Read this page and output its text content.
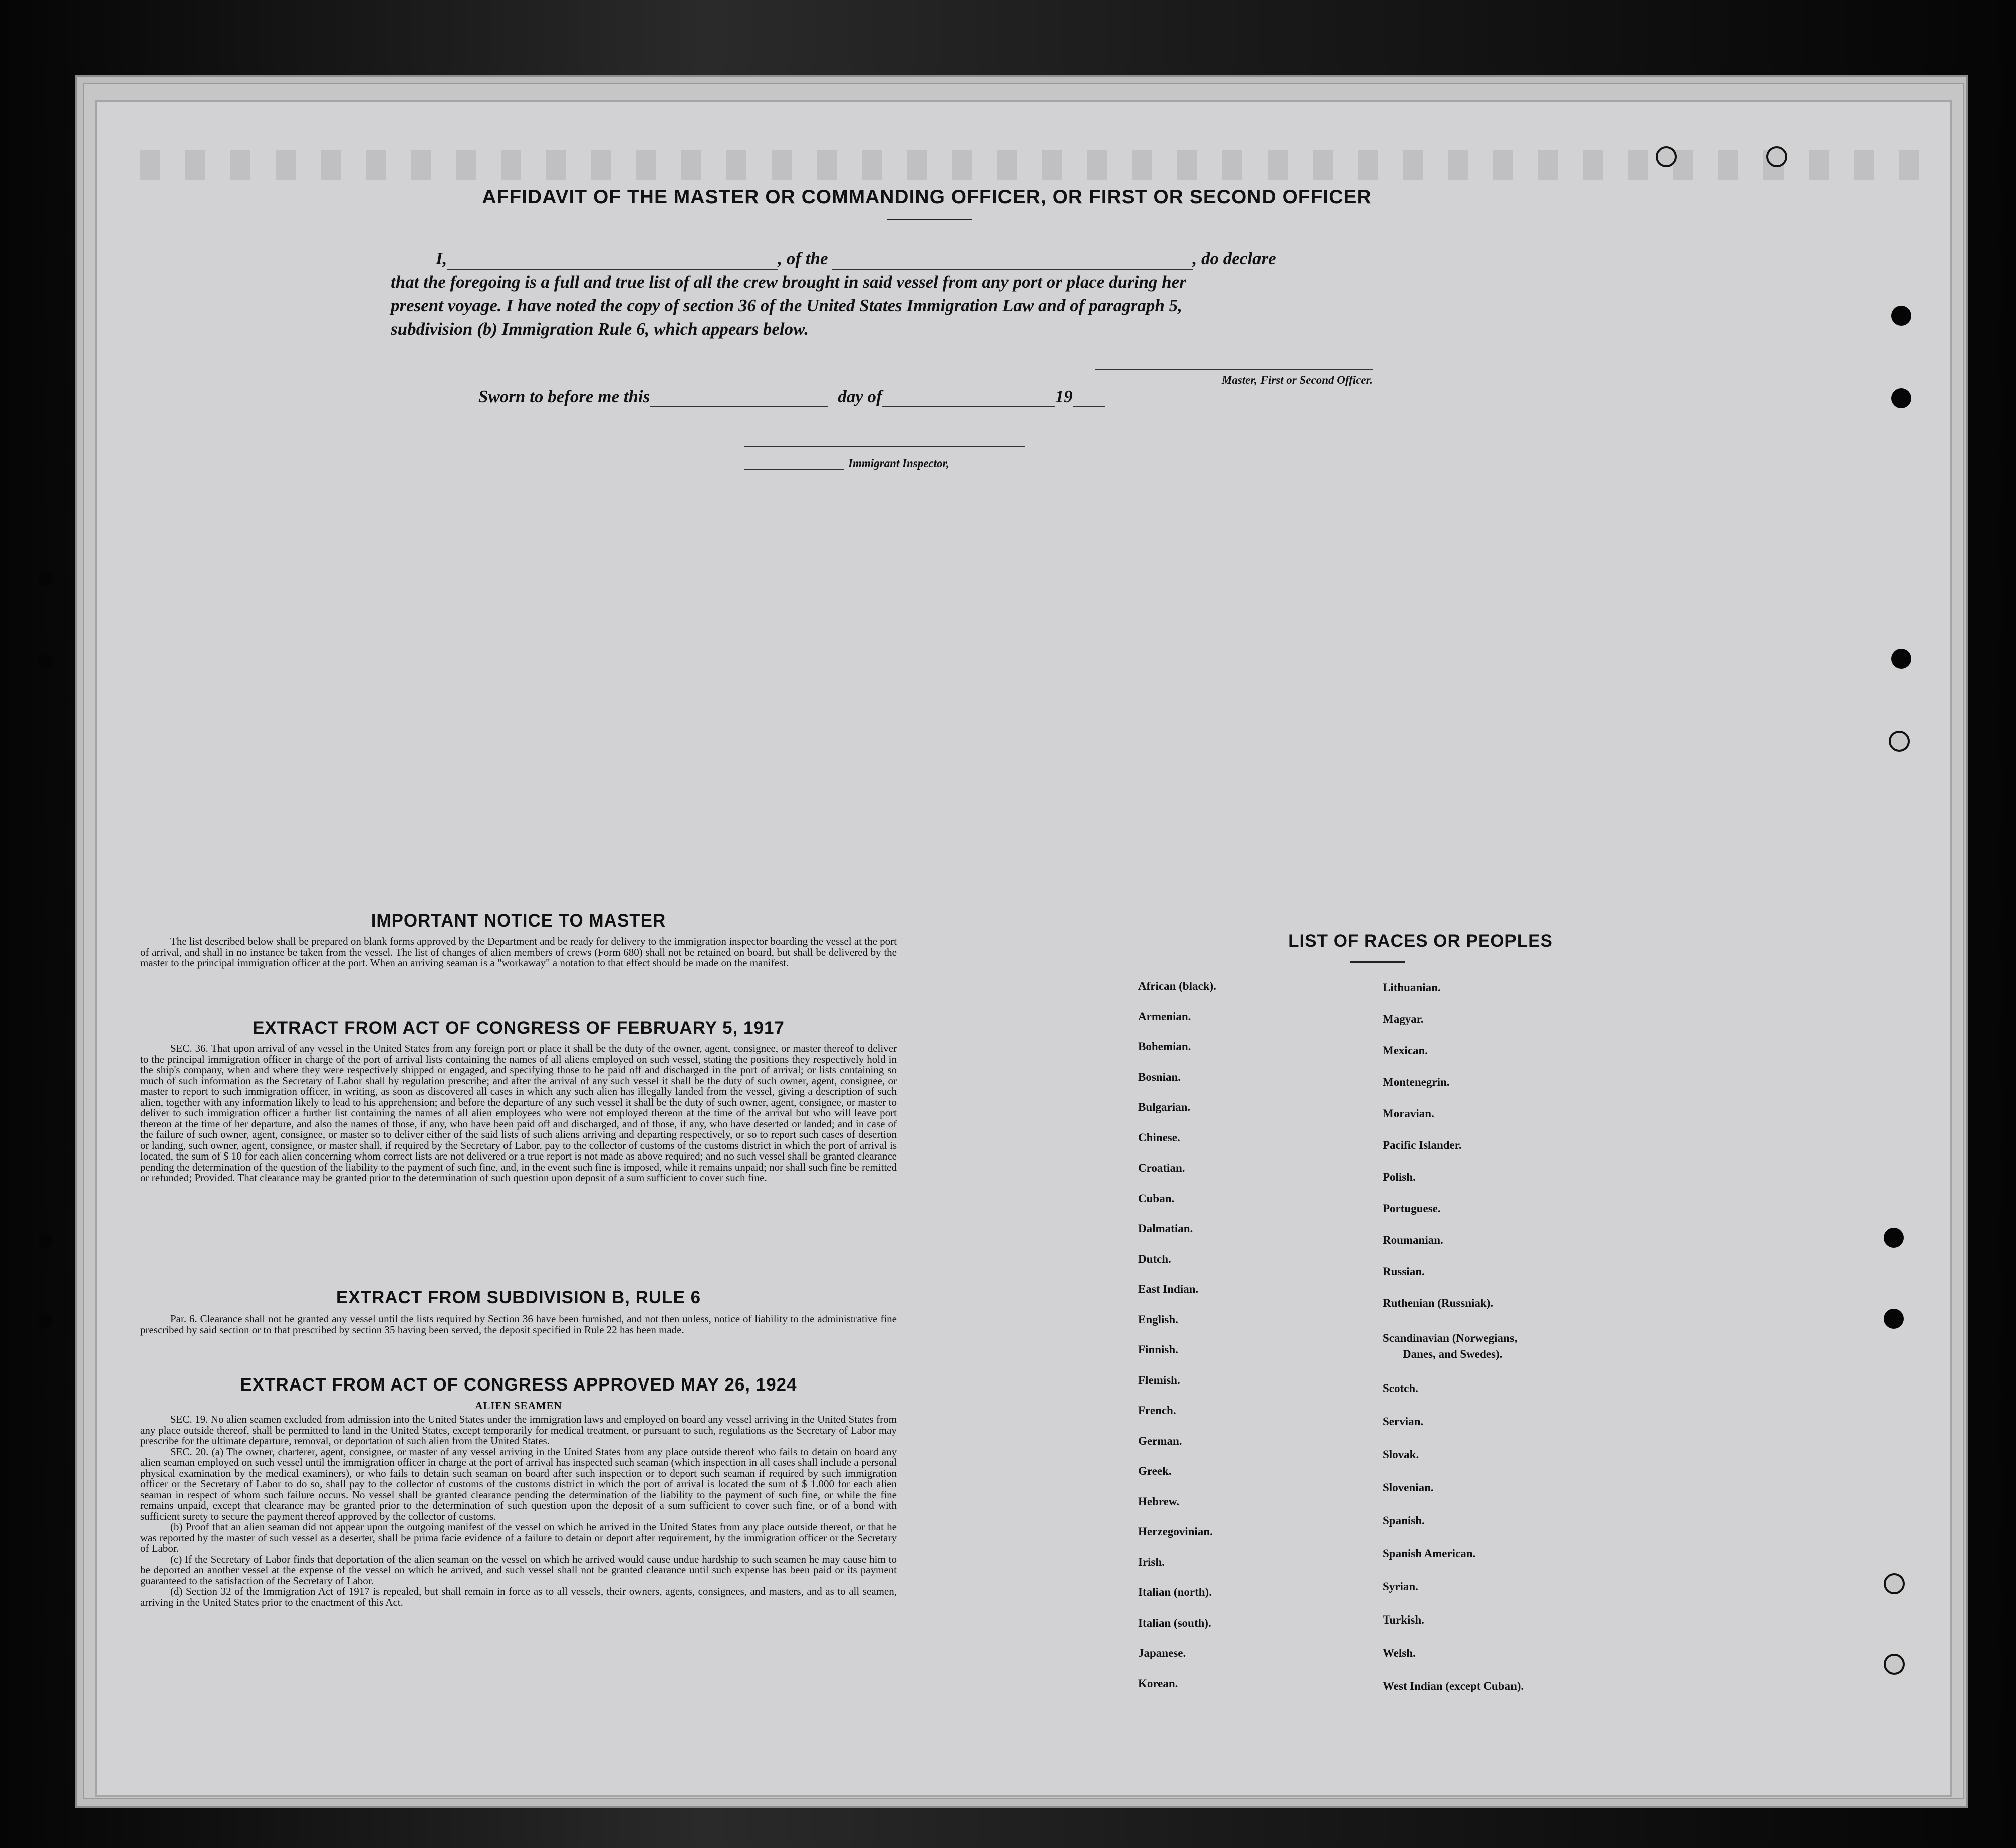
AFFIDAVIT OF THE MASTER OR COMMANDING OFFICER, OR FIRST OR SECOND OFFICER
I,	, of the	, do declare
that the foregoing is a full and true list of all the crew brought in said vessel from any port or place during her
present voyage. I have noted the copy of section 36 of the United States Immigration Law and of paragraph 5,
subdivision (b) Immigration Rule 6, which appears below.
Master, First or Second Officer.
Sworn to before me this	day of	19
Immigrant Inspector,
IMPORTANT NOTICE TO MASTER

The list described below shall be prepared on blank forms approved by the Department and be ready for delivery to the immigration inspector boarding the vessel at the port of arrival, and shall in no instance be taken from the vessel. The list of changes of alien members of crews (Form 680) shall not be retained on board, but shall be delivered by the master to the principal immigration officer at the port. When an arriving seaman is a "workaway" a notation to that effect should be made on the manifest.

EXTRACT FROM ACT OF CONGRESS OF FEBRUARY 5, 1917

SEC. 36. That upon arrival of any vessel in the United States from any foreign port or place it shall be the duty of the owner, agent, consignee, or master thereof to deliver to the principal immigration officer in charge of the port of arrival lists containing the names of all aliens employed on such vessel, stating the positions they respectively hold in the ship's company, when and where they were respectively shipped or engaged, and specifying those to be paid off and discharged in the port of arrival; or lists containing so much of such information as the Secretary of Labor shall by regulation prescribe; and after the arrival of any such vessel it shall be the duty of such owner, agent, consignee, or master to report to such immigration officer, in writing, as soon as discovered all cases in which any such alien has illegally landed from the vessel, giving a description of such alien, together with any information likely to lead to his apprehension; and before the departure of any such vessel it shall be the duty of such owner, agent, consignee, or master to deliver to such immigration officer a further list containing the names of all alien employees who were not employed thereon at the time of the arrival but who will leave port thereon at the time of her departure, and also the names of those, if any, who have been paid off and discharged, and of those, if any, who have deserted or landed; and in case of the failure of such owner, agent, consignee, or master so to deliver either of the said lists of such aliens arriving and departing respectively, or so to report such cases of desertion or landing, such owner, agent, consignee, or master shall, if required by the Secretary of Labor, pay to the collector of customs of the customs district in which the port of arrival is located, the sum of $ 10 for each alien concerning whom correct lists are not delivered or a true report is not made as above required; and no such vessel shall be granted clearance pending the determination of the question of the liability to the payment of such fine, and, in the event such fine is imposed, while it remains unpaid; nor shall such fine be remitted or refunded; Provided. That clearance may be granted prior to the determination of such question upon deposit of a sum sufficient to cover such fine.

EXTRACT FROM SUBDIVISION B, RULE 6

Par. 6. Clearance shall not be granted any vessel until the lists required by Section 36 have been furnished, and not then unless, notice of liability to the administrative fine prescribed by said section or to that prescribed by section 35 having been served, the deposit specified in Rule 22 has been made.

EXTRACT FROM ACT OF CONGRESS APPROVED MAY 26, 1924
ALIEN SEAMEN

SEC. 19. No alien seamen excluded from admission into the United States under the immigration laws and employed on board any vessel arriving in the United States from any place outside thereof, shall be permitted to land in the United States, except temporarily for medical treatment, or pursuant to such, regulations as the Secretary of Labor may prescribe for the ultimate departure, removal, or deportation of such alien from the United States.

SEC. 20. (a) The owner, charterer, agent, consignee, or master of any vessel arriving in the United States from any place outside thereof who fails to detain on board any alien seaman employed on such vessel until the immigration officer in charge at the port of arrival has inspected such seaman (which inspection in all cases shall include a personal physical examination by the medical examiners), or who fails to detain such seaman on board after such inspection or to deport such seaman if required by such immigration officer or the Secretary of Labor to do so, shall pay to the collector of customs of the customs district in which the port of arrival is located the sum of $ 1.000 for each alien seaman in respect of whom such failure occurs. No vessel shall be granted clearance pending the determination of the liability to the payment of such fine, or while the fine remains unpaid, except that clearance may be granted prior to the determination of such question upon the deposit of a sum sufficient to cover such fine, or of a bond with sufficient surety to secure the payment thereof approved by the collector of customs.

(b) Proof that an alien seaman did not appear upon the outgoing manifest of the vessel on which he arrived in the United States from any place outside thereof, or that he was reported by the master of such vessel as a deserter, shall be prima facie evidence of a failure to detain or deport after requirement, by the immigration officer or the Secretary of Labor.

(c) If the Secretary of Labor finds that deportation of the alien seaman on the vessel on which he arrived would cause undue hardship to such seamen he may cause him to be deported an another vessel at the expense of the vessel on which he arrived, and such vessel shall not be granted clearance until such expense has been paid or its payment guaranteed to the satisfaction of the Secretary of Labor.

(d) Section 32 of the Immigration Act of 1917 is repealed, but shall remain in force as to all vessels, their owners, agents, consignees, and masters, and as to all seamen, arriving in the United States prior to the enactment of this Act.

LIST OF RACES OR PEOPLES
African (black).
Armenian.
Bohemian.
Bosnian.
Bulgarian.
Chinese.
Croatian.
Cuban.
Dalmatian.
Dutch.
East Indian.
English.
Finnish.
Flemish.
French.
German.
Greek.
Hebrew.
Herzegovinian.
Irish.
Italian (north).
Italian (south).
Japanese.
Korean.
Lithuanian.
Magyar.
Mexican.
Montenegrin.
Moravian.
Pacific Islander.
Polish.
Portuguese.
Roumanian.
Russian.
Ruthenian (Russniak).
Scandinavian (Norwegians,
Danes, and Swedes).
Scotch.
Servian.
Slovak.
Slovenian.
Spanish.
Spanish American.
Syrian.
Turkish.
Welsh.
West Indian (except Cuban).
